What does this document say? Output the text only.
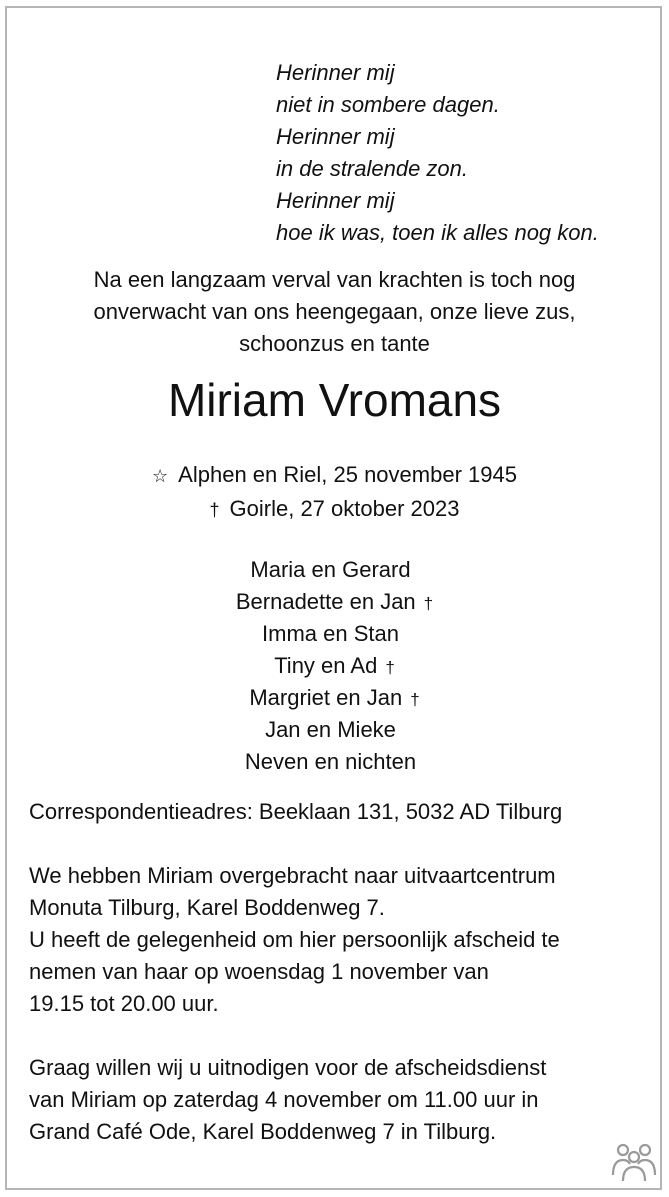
Herinner mij
niet in sombere dagen.
Herinner mij
in de stralende zon.
Herinner mij
hoe ik was, toen ik alles nog kon.
Na een langzaam verval van krachten is toch nog
onverwacht van ons heengegaan, onze lieve zus,
schoonzus en tante
Miriam Vromans
☆ Alphen en Riel, 25 november 1945
† Goirle, 27 oktober 2023
Maria en Gerard
Bernadette en Jan †
Imma en Stan
Tiny en Ad †
Margriet en Jan †
Jan en Mieke
Neven en nichten
Correspondentieadres: Beeklaan 131, 5032 AD Tilburg
We hebben Miriam overgebracht naar uitvaartcentrum
Monuta Tilburg, Karel Boddenweg 7.
U heeft de gelegenheid om hier persoonlijk afscheid te
nemen van haar op woensdag 1 november van
19.15 tot 20.00 uur.
Graag willen wij u uitnodigen voor de afscheidsdienst
van Miriam op zaterdag 4 november om 11.00 uur in
Grand Café Ode, Karel Boddenweg 7 in Tilburg.
